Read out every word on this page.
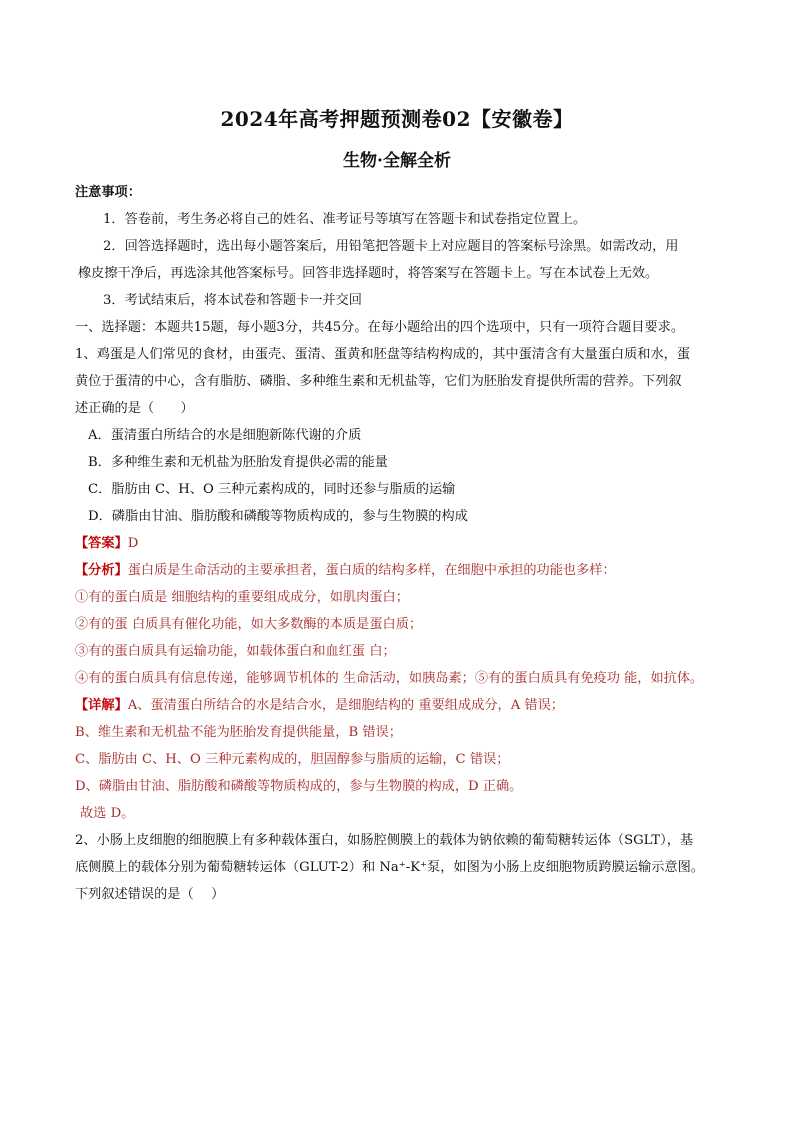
2024年高考押题预测卷02【安徽卷】
生物·全解全析
注意事项：
1．答卷前，考生务必将自己的姓名、准考证号等填写在答题卡和试卷指定位置上。
2．回答选择题时，选出每小题答案后，用铅笔把答题卡上对应题目的答案标号涂黑。如需改动，用
橡皮擦干净后，再选涂其他答案标号。回答非选择题时，将答案写在答题卡上。写在本试卷上无效。
3．考试结束后，将本试卷和答题卡一并交回
一、选择题：本题共15题，每小题3分，共45分。在每小题给出的四个选项中，只有一项符合题目要求。
1、鸡蛋是人们常见的食材，由蛋壳、蛋清、蛋黄和胚盘等结构构成的，其中蛋清含有大量蛋白质和水，蛋
黄位于蛋清的中心，含有脂肪、磷脂、多种维生素和无机盐等，它们为胚胎发育提供所需的营养。下列叙
述正确的是（　　）
A．蛋清蛋白所结合的水是细胞新陈代谢的介质
B．多种维生素和无机盐为胚胎发育提供必需的能量
C．脂肪由 C、H、O 三种元素构成的，同时还参与脂质的运输
D．磷脂由甘油、脂肪酸和磷酸等物质构成的，参与生物膜的构成
【答案】D
【分析】蛋白质是生命活动的主要承担者，蛋白质的结构多样，在细胞中承担的功能也多样：
①有的蛋白质是 细胞结构的重要组成成分，如肌肉蛋白；
②有的蛋 白质具有催化功能，如大多数酶的本质是蛋白质；
③有的蛋白质具有运输功能，如载体蛋白和血红蛋 白；
④有的蛋白质具有信息传递，能够调节机体的 生命活动，如胰岛素；⑤有的蛋白质具有免疫功 能，如抗体。
【详解】A、蛋清蛋白所结合的水是结合水，是细胞结构的 重要组成成分，A 错误；
B、维生素和无机盐不能为胚胎发育提供能量，B 错误；
C、脂肪由 C、H、O 三种元素构成的，胆固醇参与脂质的运输，C 错误；
D、磷脂由甘油、脂肪酸和磷酸等物质构成的，参与生物膜的构成，D 正确。
故选 D。
2、小肠上皮细胞的细胞膜上有多种载体蛋白，如肠腔侧膜上的载体为钠依赖的葡萄糖转运体（SGLT），基
底侧膜上的载体分别为葡萄糖转运体（GLUT-2）和 Na⁺-K⁺泵，如图为小肠上皮细胞物质跨膜运输示意图。
下列叙述错误的是（　 ）
